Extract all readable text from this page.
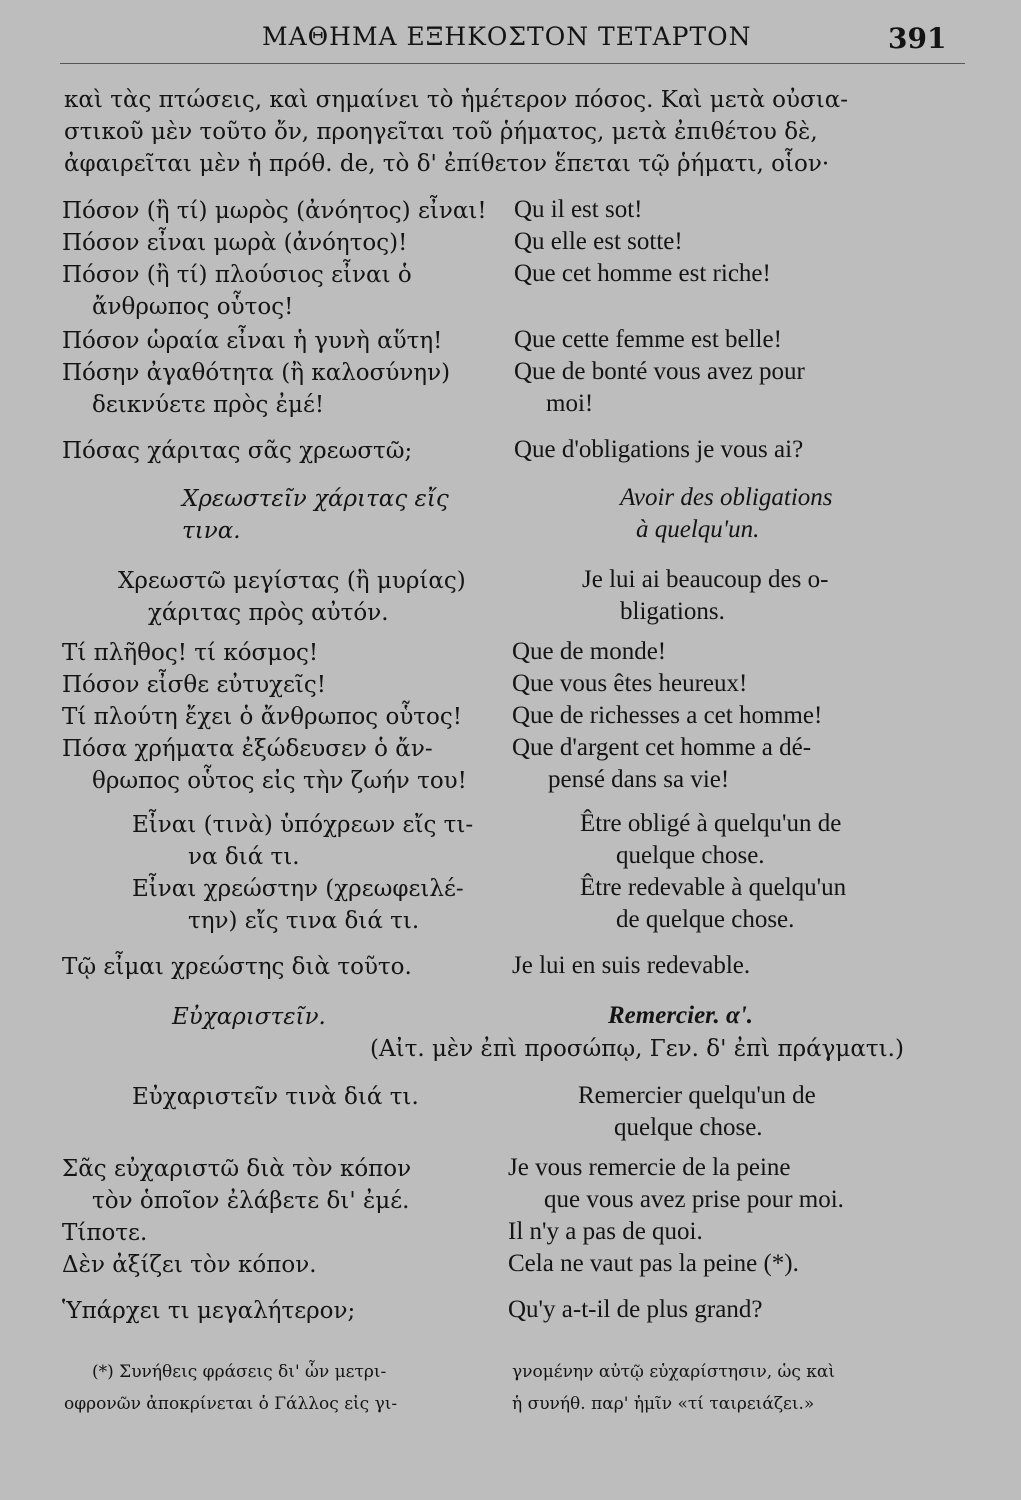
ΜΑΘΗΜΑ ΕΞΗΚΟΣΤΟΝ ΤΕΤΑΡΤΟΝ	391
καὶ τὰς πτώσεις, καὶ σημαίνει τὸ ἡμέτερον πόσος. Καὶ μετὰ οὐσια-
στικοῦ μὲν τοῦτο ὄν, προηγεῖται τοῦ ῥήματος, μετὰ ἐπιθέτου δὲ,
ἀφαιρεῖται μὲν ἡ πρόθ. de, τὸ δ' ἐπίθετον ἕπεται τῷ ῥήματι, οἷον·
Πόσον (ἢ τί) μωρὸς (ἀνόητος) εἶναι!
Πόσον εἶναι μωρὰ (ἀνόητος)!
Πόσον (ἢ τί) πλούσιος εἶναι ὁ
ἄνθρωπος οὗτος!
Πόσον ὡραία εἶναι ἡ γυνὴ αὕτη!
Πόσην ἀγαθότητα (ἢ καλοσύνην)
δεικνύετε πρὸς ἐμέ!
Πόσας χάριτας σᾶς χρεωστῶ;
Χρεωστεῖν χάριτας εἴς
τινα.
Χρεωστῶ μεγίστας (ἢ μυρίας)
χάριτας πρὸς αὐτόν.
Τί πλῆθος! τί κόσμος!
Πόσον εἶσθε εὐτυχεῖς!
Τί πλούτη ἔχει ὁ ἄνθρωπος οὗτος!
Πόσα χρήματα ἐξώδευσεν ὁ ἄν-
θρωπος οὗτος εἰς τὴν ζωήν του!
Εἶναι (τινὰ) ὑπόχρεων εἴς τι-
να διά τι.
Εἶναι χρεώστην (χρεωφειλέ-
την) εἴς τινα διά τι.
Τῷ εἶμαι χρεώστης διὰ τοῦτο.
Εὐχαριστεῖν.
Εὐχαριστεῖν τινὰ διά τι.
Σᾶς εὐχαριστῶ διὰ τὸν κόπον
τὸν ὁποῖον ἐλάβετε δι' ἐμέ.
Τίποτε.
Δὲν ἀξίζει τὸν κόπον.
Ὑπάρχει τι μεγαλήτερον;
Qu il est sot!
Qu elle est sotte!
Que cet homme est riche!
Que cette femme est belle!
Que de bonté vous avez pour
moi!
Que d'obligations je vous ai?
Avoir des obligations
à quelqu'un.
Je lui ai beaucoup des o-
bligations.
Que de monde!
Que vous êtes heureux!
Que de richesses a cet homme!
Que d'argent cet homme a dé-
pensé dans sa vie!
Être obligé à quelqu'un de
quelque chose.
Être redevable à quelqu'un
de quelque chose.
Je lui en suis redevable.
Remercier. α'.
(Αἰτ. μὲν ἐπὶ προσώπῳ, Γεν. δ' ἐπὶ πράγματι.)
Remercier quelqu'un de
quelque chose.
Je vous remercie de la peine
que vous avez prise pour moi.
Il n'y a pas de quoi.
Cela ne vaut pas la peine (*).
Qu'y a-t-il de plus grand?
(*) Συνήθεις φράσεις δι' ὧν μετρι-
οφρονῶν ἀποκρίνεται ὁ Γάλλος εἰς γι-
γνομένην αὐτῷ εὐχαρίστησιν, ὡς καὶ
ἡ συνήθ. παρ' ἡμῖν «τί ταιρειάζει.»
